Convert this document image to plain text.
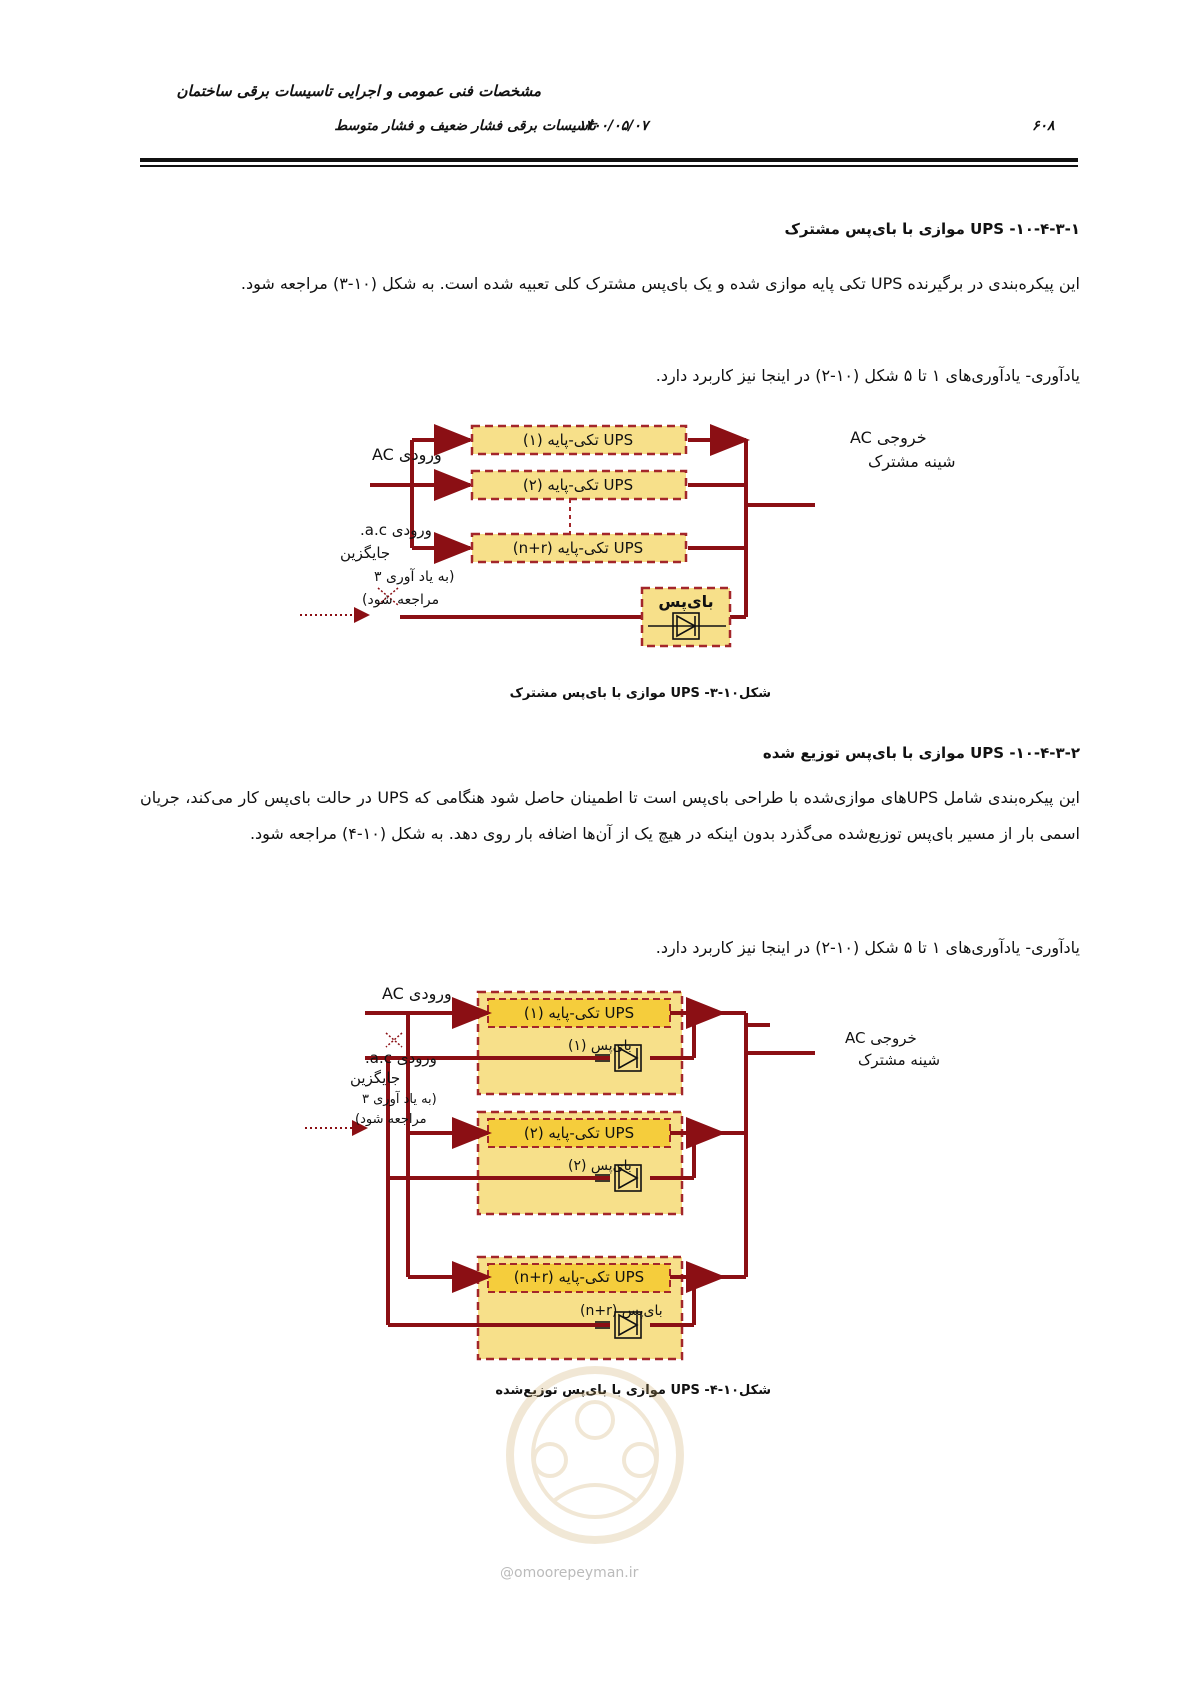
مشخصات فنی عمومی و اجرایی تاسیسات برقی ساختمان
تاسیسات برقی فشار ضعیف و فشار متوسط
۱۴۰۰/۰۵/۰۷	۶۰۸
۱۰-۴-۳-۱- UPS موازی با بای‌پس مشترک
این پیکره‌بندی در برگیرنده UPS تکی پایه موازی شده و یک بای‌پس مشترک کلی تعبیه شده است. به شکل (۱۰-۳) مراجعه شود.
یادآوری- یادآوری‌های ۱ تا ۵ شکل (۱۰-۲) در اینجا نیز کاربرد دارد.
UPS تکی-پایه (۱)
UPS تکی-پایه (۲)
UPS تکی-پایه (n+r)
بای‌پس
ورودی AC
ورودی a.c.
جایگزین
(به یاد آوری ۳
مراجعه شود)
خروجی AC
شینه مشترک
شکل۱۰-۳- UPS موازی با بای‌پس مشترک
۱۰-۴-۳-۲- UPS موازی با بای‌پس توزیع شده
این پیکره‌بندی شامل UPSهای موازی‌شده با طراحی بای‌پس است تا اطمینان حاصل شود هنگامی که UPS در حالت بای‌پس کار می‌کند، جریان اسمی بار از مسیر بای‌پس توزیع‌شده می‌گذرد بدون اینکه در هیچ یک از آن‌ها اضافه بار روی دهد. به شکل (۱۰-۴) مراجعه شود.
یادآوری- یادآوری‌های ۱ تا ۵ شکل (۱۰-۲) در اینجا نیز کاربرد دارد.
UPS تکی-پایه (۱)
UPS تکی-پایه (۲)
UPS تکی-پایه (n+r)
بای‌پس (۱)
بای‌پس (۲)
بای‌پس (n+r)
ورودی AC
ورودی a.c.
جایگزین
(به یاد آوری ۳
مراجعه شود)
خروجی AC
شینه مشترک
شکل۱۰-۴- UPS موازی با بای‌پس توزیع‌شده
@omoorepeyman.ir
